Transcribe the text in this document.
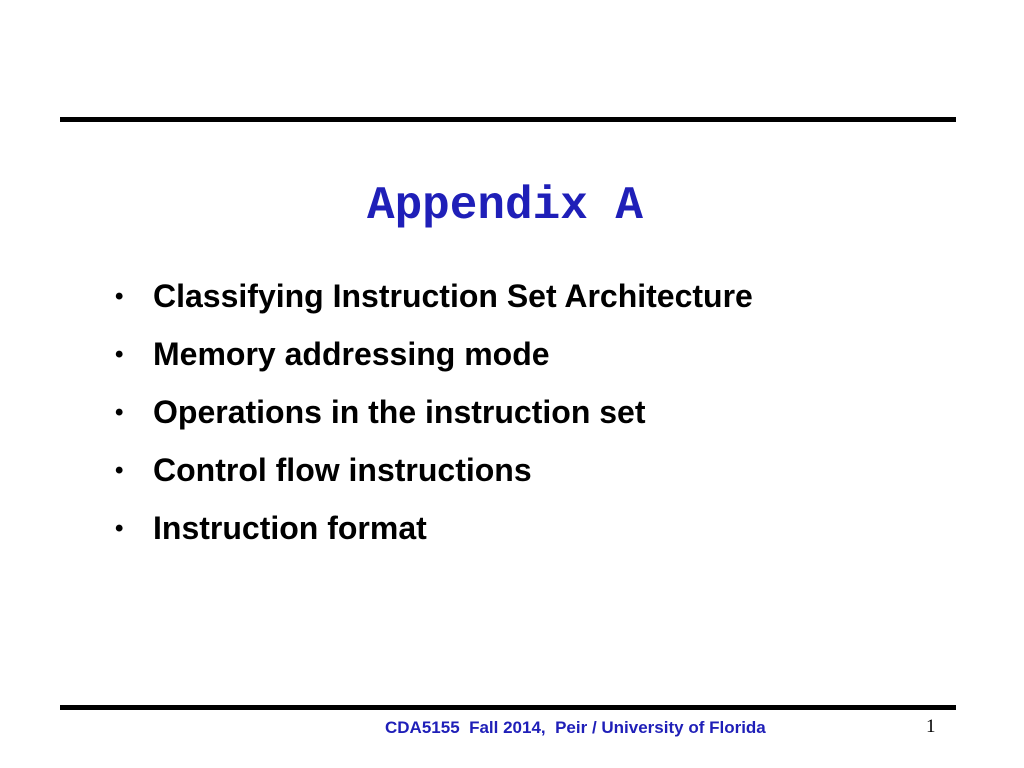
Appendix A
• Classifying Instruction Set Architecture
• Memory addressing mode
• Operations in the instruction set
• Control flow instructions
• Instruction format
CDA5155  Fall 2014,  Peir / University of Florida	1
